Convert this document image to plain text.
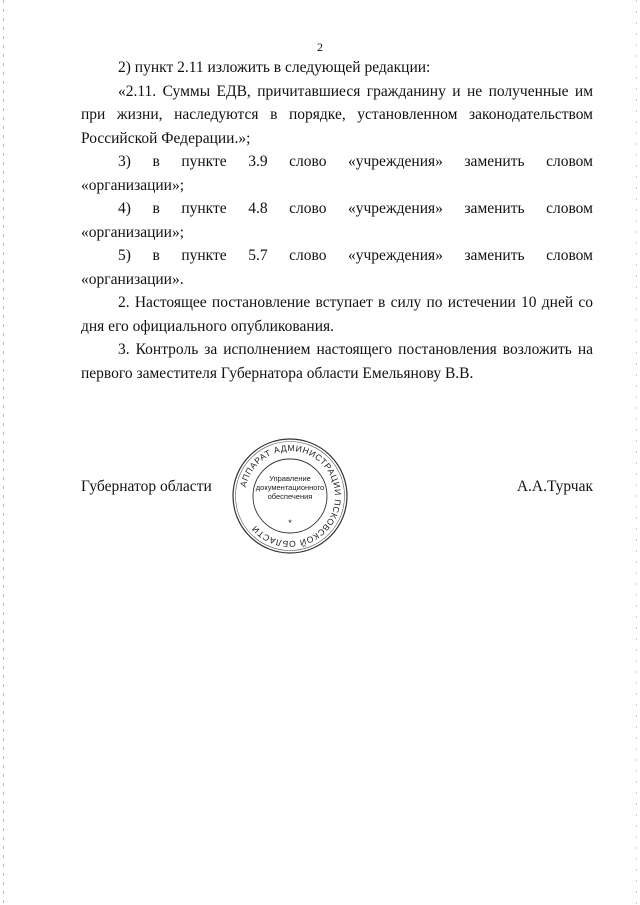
2

2) пункт 2.11 изложить в следующей редакции:

«2.11. Суммы ЕДВ, причитавшиеся гражданину и не полученные им при жизни, наследуются в порядке, установленном законодательством Российской Федерации.»;

3) в пункте 3.9 слово «учреждения» заменить словом
«организации»;
4) в пункте 4.8 слово «учреждения» заменить словом
«организации»;
5) в пункте 5.7 слово «учреждения» заменить словом
«организации».

2. Настоящее постановление вступает в силу по истечении 10 дней со дня его официального опубликования.

3. Контроль за исполнением настоящего постановления возложить на первого заместителя Губернатора области Емельянову В.В.

Губернатор области	А.А.Турчак
АППАРАТ АДМИНИСТРАЦИИ ПСКОВСКОЙ ОБЛАСТИ
Управление
документационного
обеспечения
*
